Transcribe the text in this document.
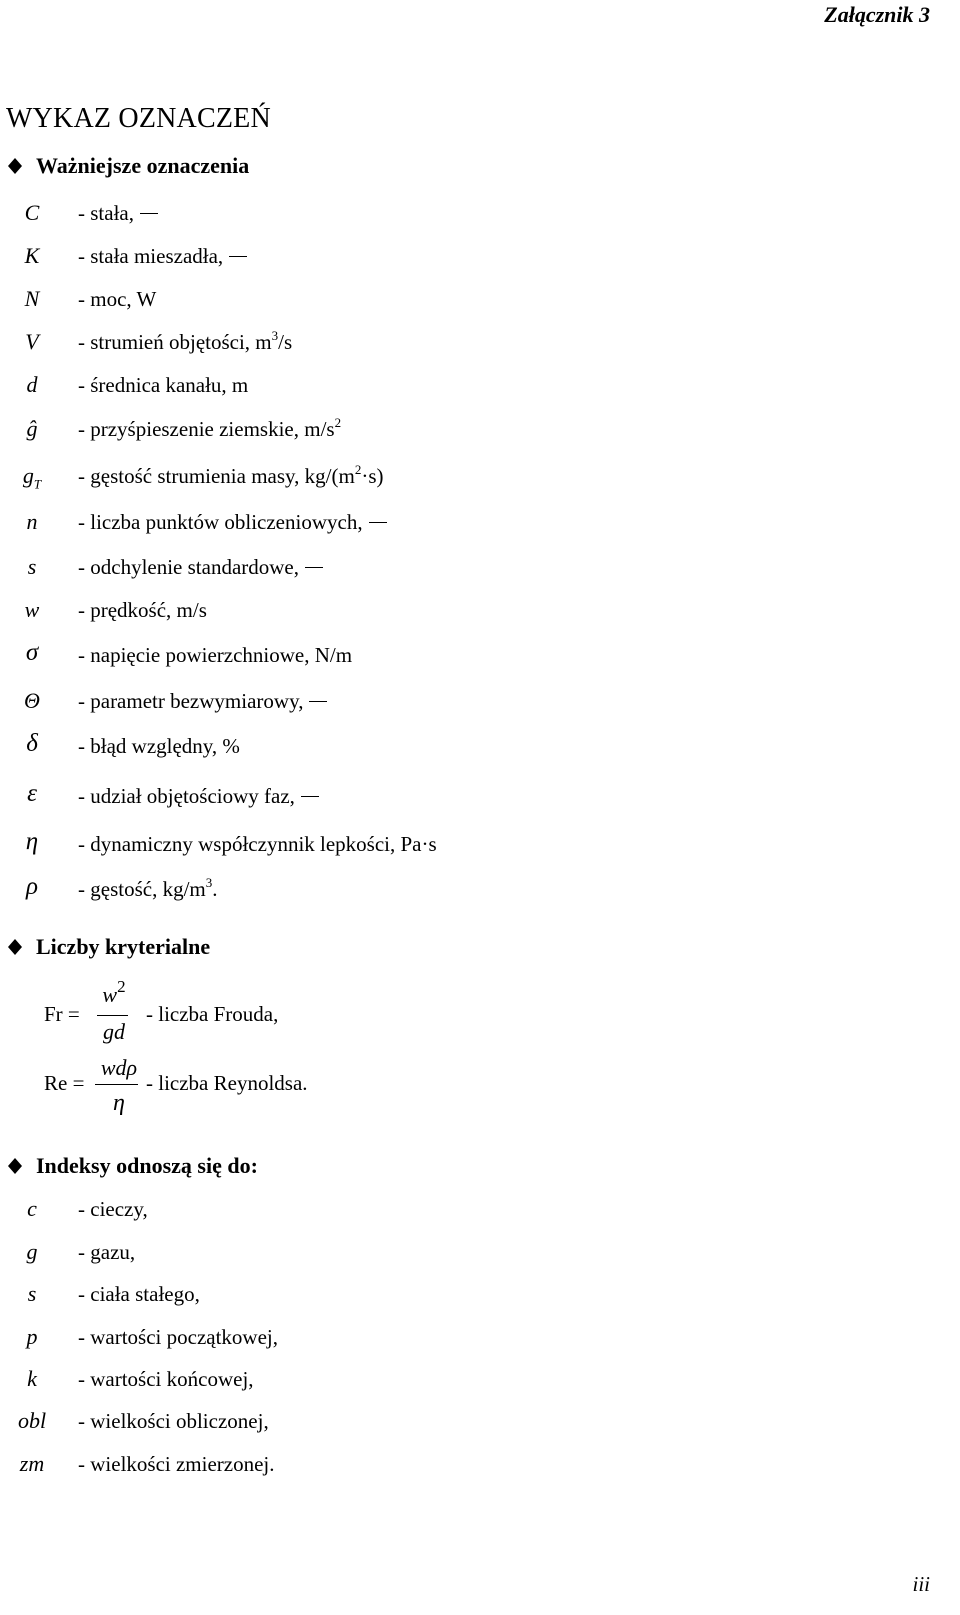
Załącznik 3
WYKAZ OZNACZEŃ
Ważniejsze oznaczenia
C	- stała,
K	- stała mieszadła,
N	- moc, W
V	- strumień objętości, $m^3/s$
d	- średnica kanału, m
ĝ	- przyśpieszenie ziemskie, $m/s^2$
$g_T$	- gęstość strumienia masy, $kg/(m^2\cdot s)$
n	- liczba punktów obliczeniowych,
s	- odchylenie standardowe,
w	- prędkość, m/s
σ	- napięcie powierzchniowe, N/m
Θ	- parametr bezwymiarowy,
δ	- błąd względny, %
ε	- udział objętościowy faz,
η	- dynamiczny współczynnik lepkości, Pa·s
ρ	- gęstość, $kg/m^3$.
Liczby kryterialne
Fr =
$w^2$
gd
- liczba Frouda,
Re =
wdρ
η
- liczba Reynoldsa.
Indeksy odnoszą się do:
c	- cieczy,
g	- gazu,
s	- ciała stałego,
p	- wartości początkowej,
k	- wartości końcowej,
obl	- wielkości obliczonej,
zm	- wielkości zmierzonej.
iii
